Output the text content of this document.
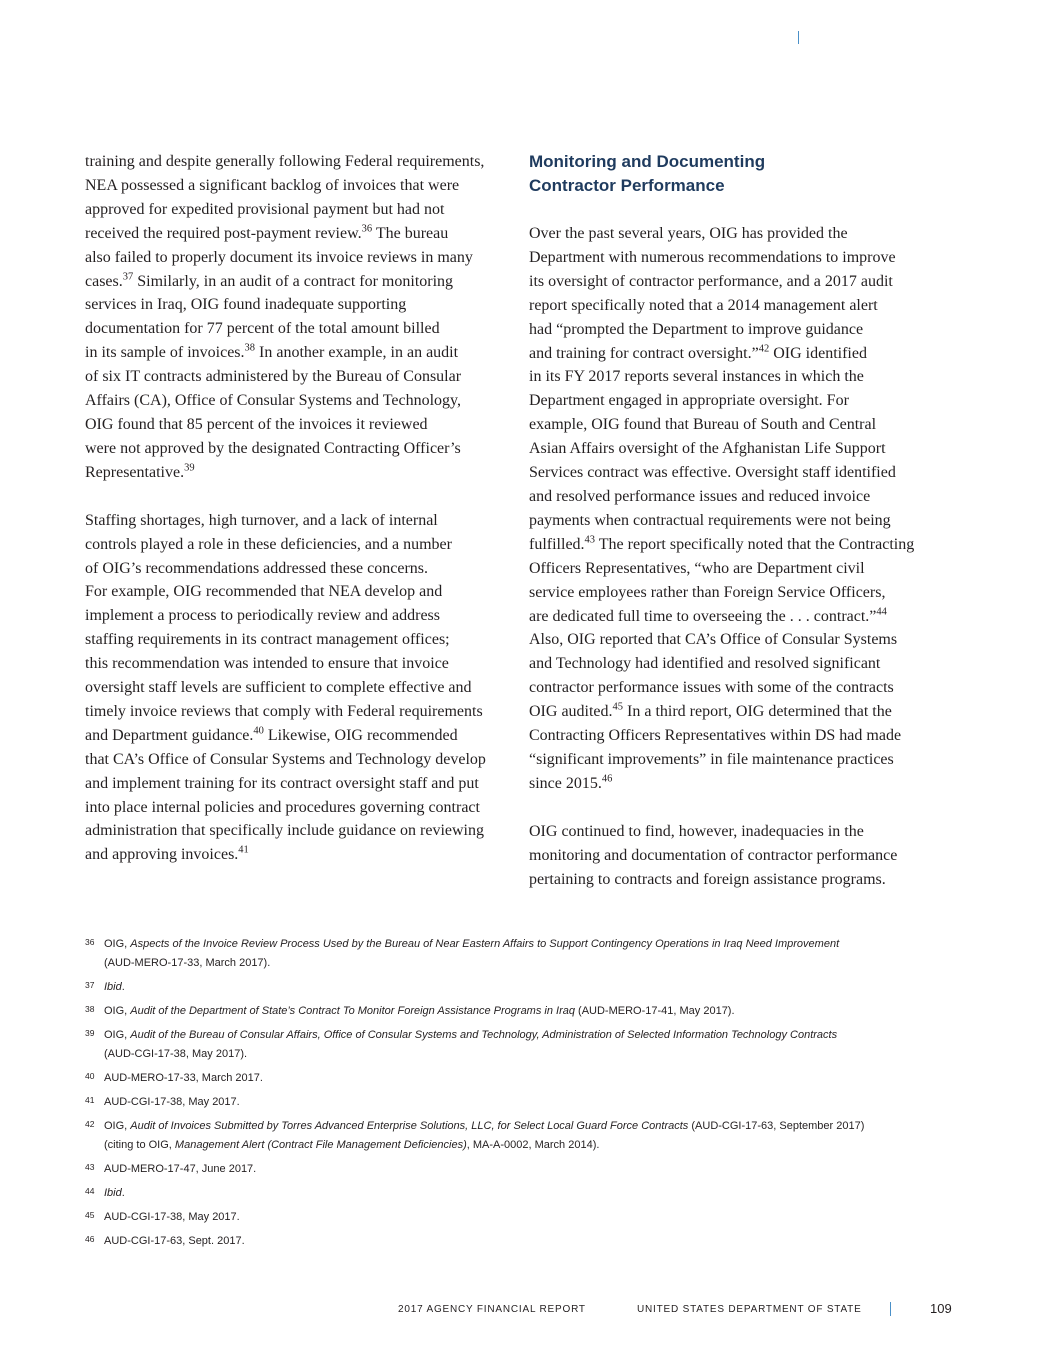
training and despite generally following Federal requirements,
NEA possessed a significant backlog of invoices that were
approved for expedited provisional payment but had not
received the required post-payment review.$^{36}$ The bureau
also failed to properly document its invoice reviews in many
cases.$^{37}$ Similarly, in an audit of a contract for monitoring
services in Iraq, OIG found inadequate supporting
documentation for 77 percent of the total amount billed
in its sample of invoices.$^{38}$ In another example, in an audit
of six IT contracts administered by the Bureau of Consular
Affairs (CA), Office of Consular Systems and Technology,
OIG found that 85 percent of the invoices it reviewed
were not approved by the designated Contracting Officer’s
Representative.$^{39}$

Staffing shortages, high turnover, and a lack of internal
controls played a role in these deficiencies, and a number
of OIG’s recommendations addressed these concerns.
For example, OIG recommended that NEA develop and
implement a process to periodically review and address
staffing requirements in its contract management offices;
this recommendation was intended to ensure that invoice
oversight staff levels are sufficient to complete effective and
timely invoice reviews that comply with Federal requirements
and Department guidance.$^{40}$ Likewise, OIG recommended
that CA’s Office of Consular Systems and Technology develop
and implement training for its contract oversight staff and put
into place internal policies and procedures governing contract
administration that specifically include guidance on reviewing
and approving invoices.$^{41}$

Monitoring and Documenting
Contractor Performance

Over the past several years, OIG has provided the
Department with numerous recommendations to improve
its oversight of contractor performance, and a 2017 audit
report specifically noted that a 2014 management alert
had “prompted the Department to improve guidance
and training for contract oversight.”$^{42}$ OIG identified
in its FY 2017 reports several instances in which the
Department engaged in appropriate oversight. For
example, OIG found that Bureau of South and Central
Asian Affairs oversight of the Afghanistan Life Support
Services contract was effective. Oversight staff identified
and resolved performance issues and reduced invoice
payments when contractual requirements were not being
fulfilled.$^{43}$ The report specifically noted that the Contracting
Officers Representatives, “who are Department civil
service employees rather than Foreign Service Officers,
are dedicated full time to overseeing the . . . contract.”$^{44}$
Also, OIG reported that CA’s Office of Consular Systems
and Technology had identified and resolved significant
contractor performance issues with some of the contracts
OIG audited.$^{45}$ In a third report, OIG determined that the
Contracting Officers Representatives within DS had made
“significant improvements” in file maintenance practices
since 2015.46

OIG continued to find, however, inadequacies in the
monitoring and documentation of contractor performance
pertaining to contracts and foreign assistance programs.

36 OIG, Aspects of the Invoice Review Process Used by the Bureau of Near Eastern Affairs to Support Contingency Operations in Iraq Need Improvement
(AUD-MERO-17-33, March 2017).
37 Ibid.
38 OIG, Audit of the Department of State’s Contract To Monitor Foreign Assistance Programs in Iraq (AUD-MERO-17-41, May 2017).
39 OIG, Audit of the Bureau of Consular Affairs, Office of Consular Systems and Technology, Administration of Selected Information Technology Contracts
(AUD-CGI-17-38, May 2017).
40 AUD-MERO-17-33, March 2017.
41 AUD-CGI-17-38, May 2017.
42 OIG, Audit of Invoices Submitted by Torres Advanced Enterprise Solutions, LLC, for Select Local Guard Force Contracts (AUD-CGI-17-63, September 2017)
(citing to OIG, Management Alert (Contract File Management Deficiencies), MA-A-0002, March 2014).
43 AUD-MERO-17-47, June 2017.
44 Ibid.
45 AUD-CGI-17-38, May 2017.
46 AUD-CGI-17-63, Sept. 2017.
2017 AGENCY FINANCIAL REPORT	UNITED STATES DEPARTMENT OF STATE	109
